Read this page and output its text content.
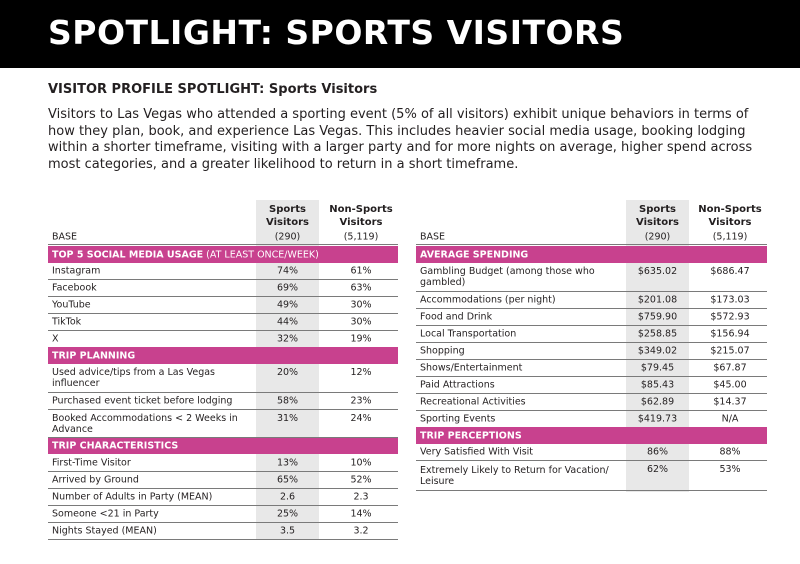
SPOTLIGHT: SPORTS VISITORS
VISITOR PROFILE SPOTLIGHT: Sports Visitors
Visitors to Las Vegas who attended a sporting event (5% of all visitors) exhibit unique behaviors in terms of how they plan, book, and experience Las Vegas. This includes heavier social media usage, booking lodging within a shorter timeframe, visiting with a larger party and for more nights on average, higher spend across most categories, and a greater likelihood to return in a short timeframe.
Sports
Visitors
Non-Sports
Visitors
BASE	(290)	(5,119)
TOP 5 SOCIAL MEDIA USAGE (AT LEAST ONCE/WEEK)
Instagram	74%	61%
Facebook	69%	63%
YouTube	49%	30%
TikTok	44%	30%
X	32%	19%
TRIP PLANNING
Used advice/tips from a Las Vegas
influencer
20%	12%
Purchased event ticket before lodging	58%	23%
Booked Accommodations < 2 Weeks in
Advance
31%	24%
TRIP CHARACTERISTICS
First-Time Visitor	13%	10%
Arrived by Ground	65%	52%
Number of Adults in Party (MEAN)	2.6	2.3
Someone <21 in Party	25%	14%
Nights Stayed (MEAN)	3.5	3.2
Sports
Visitors
Non-Sports
Visitors
BASE	(290)	(5,119)
AVERAGE SPENDING
Gambling Budget (among those who
gambled)
$635.02	$686.47
Accommodations (per night)	$201.08	$173.03
Food and Drink	$759.90	$572.93
Local Transportation	$258.85	$156.94
Shopping	$349.02	$215.07
Shows/Entertainment	$79.45	$67.87
Paid Attractions	$85.43	$45.00
Recreational Activities	$62.89	$14.37
Sporting Events	$419.73	N/A
TRIP PERCEPTIONS
Very Satisfied With Visit	86%	88%
Extremely Likely to Return for Vacation/
Leisure
62%	53%
